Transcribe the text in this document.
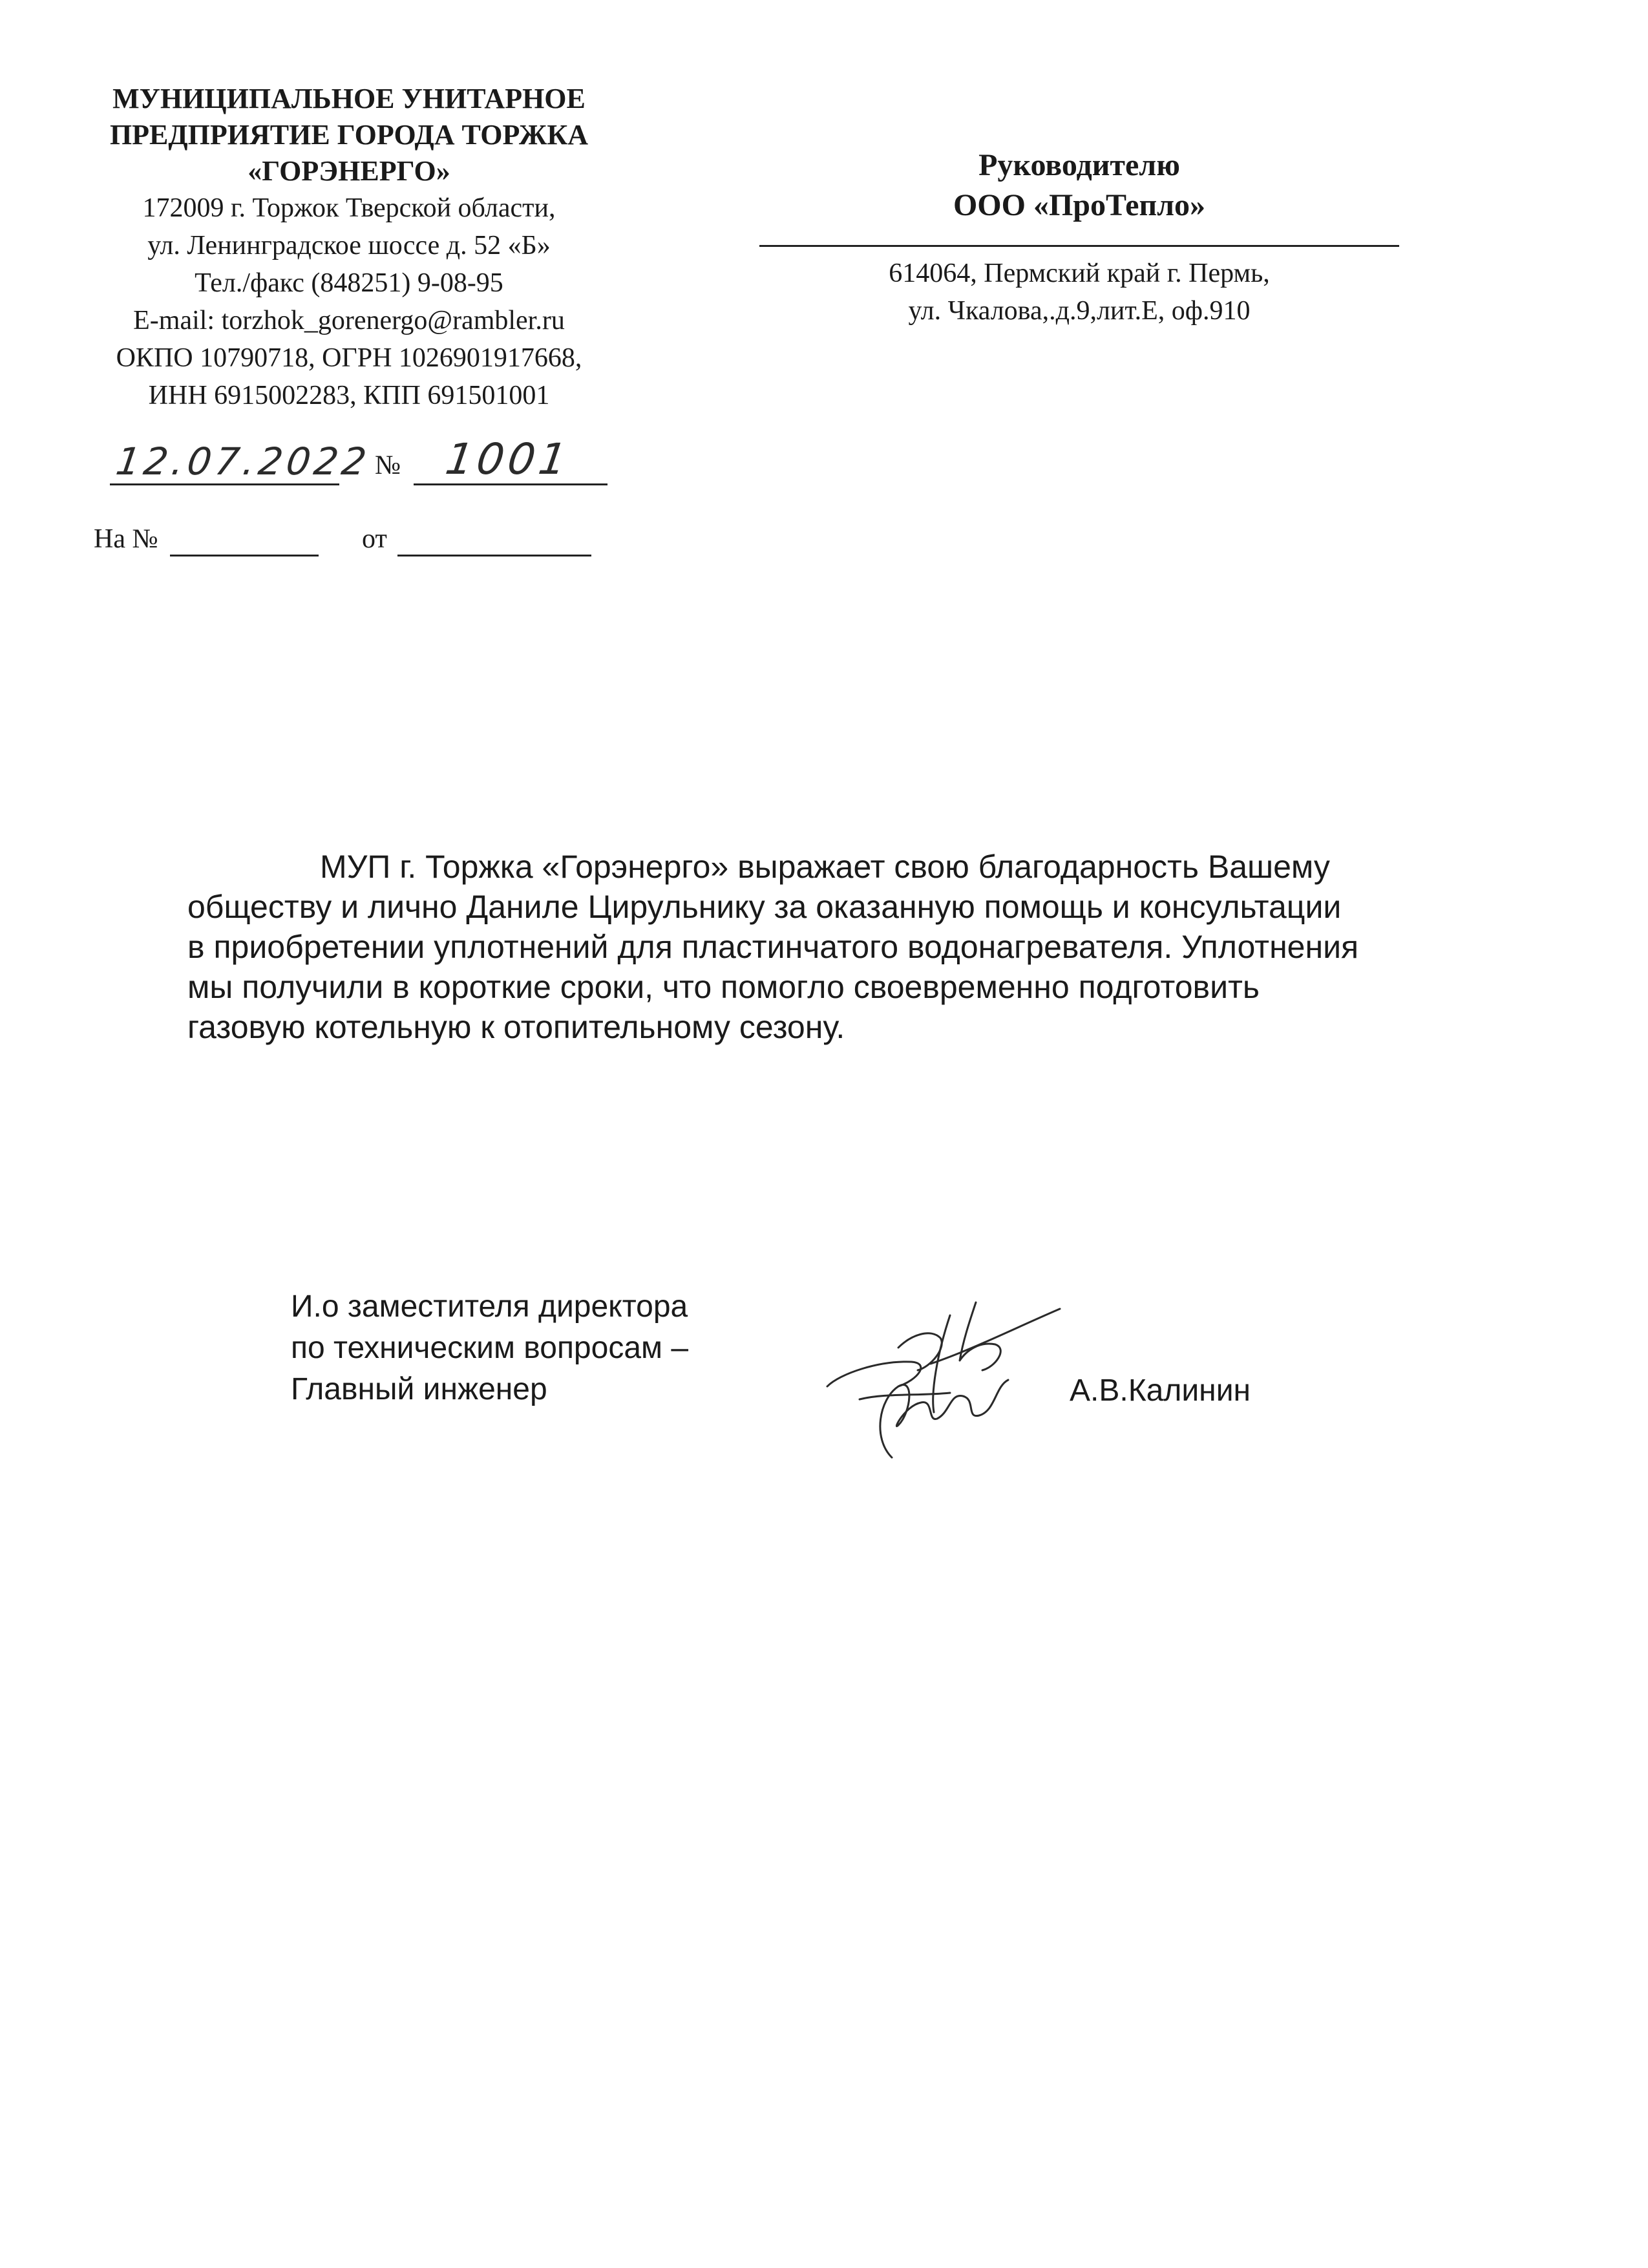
МУНИЦИПАЛЬНОЕ УНИТАРНОЕ
ПРЕДПРИЯТИЕ ГОРОДА ТОРЖКА
«ГОРЭНЕРГО»
172009 г. Торжок Тверской области,
ул. Ленинградское шоссе д. 52 «Б»
Тел./факс (848251) 9-08-95
E-mail: torzhok_gorenergo@rambler.ru
ОКПО 10790718, ОГРН 1026901917668,
ИНН 6915002283, КПП 691501001
12.07.2022 № 1001
На №	от
Руководителю
ООО «ПроТепло»
614064, Пермский край г. Пермь,
ул. Чкалова,.д.9,лит.Е, оф.910
МУП г. Торжка «Горэнерго» выражает свою благодарность Вашему
обществу и лично Даниле Цирульнику за оказанную помощь и консультации
в приобретении уплотнений для пластинчатого водонагревателя. Уплотнения
мы получили в короткие сроки, что помогло своевременно подготовить
газовую котельную к отопительному сезону.
И.о заместителя директора
по техническим вопросам –
Главный инженер	А.В.Калинин
